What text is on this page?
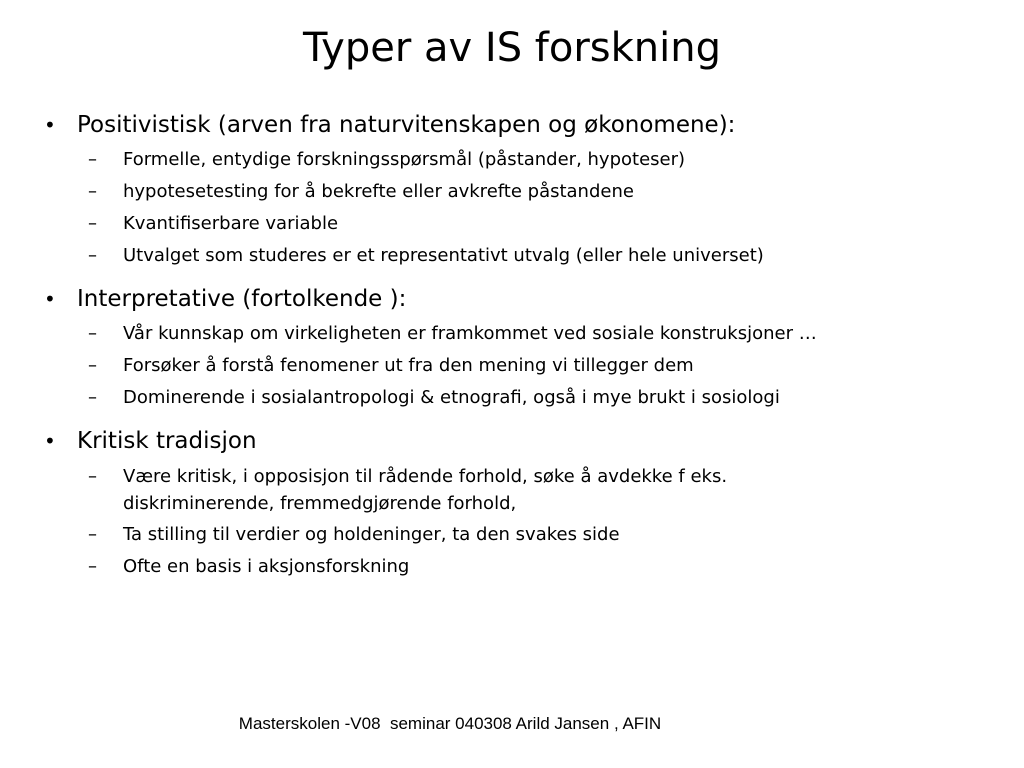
Typer av IS forskning
• Positivistisk (arven fra naturvitenskapen og økonomene):
– Formelle, entydige forskningsspørsmål (påstander, hypoteser)
– hypotesetesting for å bekrefte eller avkrefte påstandene
– Kvantifiserbare variable
– Utvalget som studeres er et representativt utvalg (eller hele universet)
• Interpretative (fortolkende ):
– Vår kunnskap om virkeligheten er framkommet ved sosiale konstruksjoner …
– Forsøker å forstå fenomener ut fra den mening vi tillegger dem
– Dominerende i sosialantropologi & etnografi, også i mye brukt i sosiologi
• Kritisk tradisjon
– Være kritisk, i opposisjon til rådende forhold, søke å avdekke f eks. diskriminerende, fremmedgjørende forhold,
– Ta stilling til verdier og holdeninger, ta den svakes side
– Ofte en basis i aksjonsforskning
Masterskolen -V08  seminar 040308 Arild Jansen , AFIN
